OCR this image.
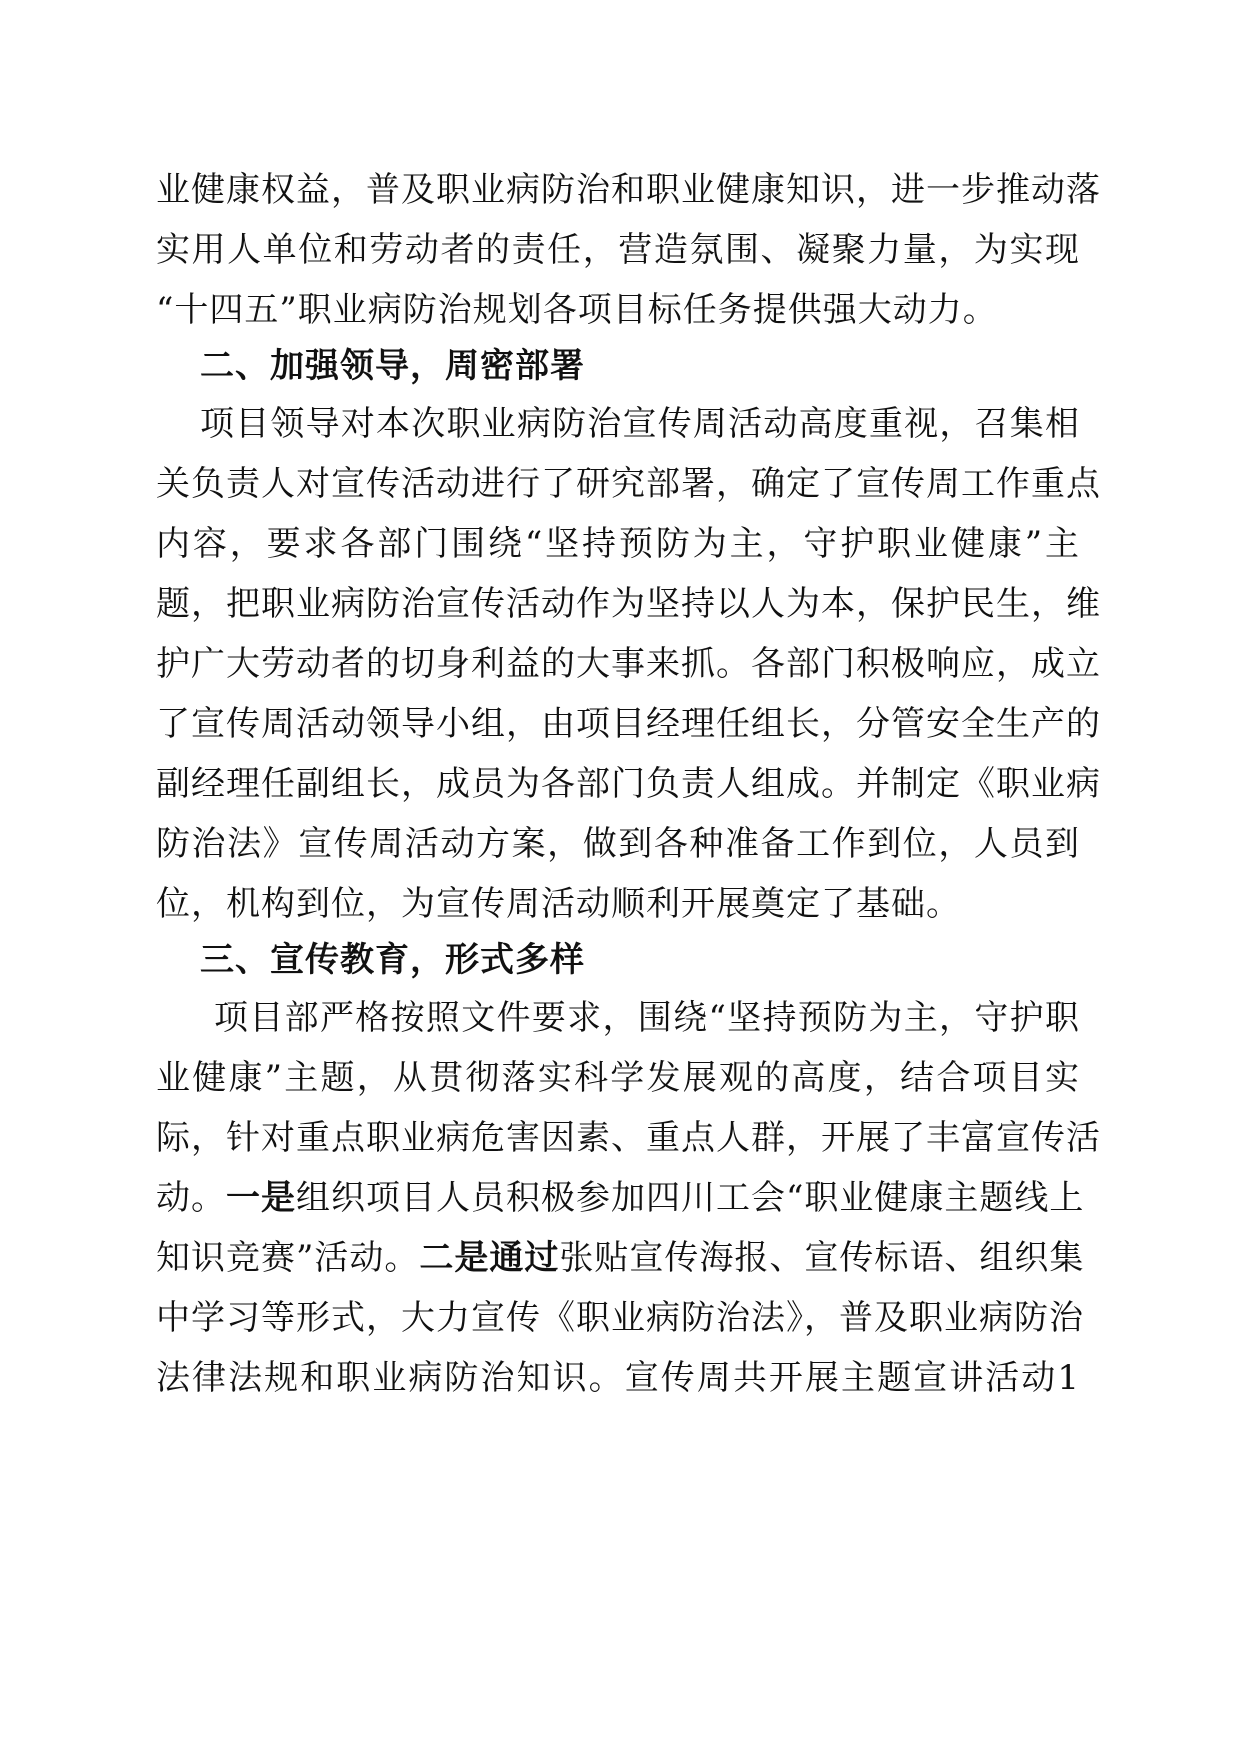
业健康权益，普及职业病防治和职业健康知识，进一步推动落
实用人单位和劳动者的责任，营造氛围、凝聚力量，为实现
“十四五”职业病防治规划各项目标任务提供强大动力。
二、加强领导，周密部署
项目领导对本次职业病防治宣传周活动高度重视，召集相
关负责人对宣传活动进行了研究部署，确定了宣传周工作重点
内容，要求各部门围绕“坚持预防为主，守护职业健康”主
题，把职业病防治宣传活动作为坚持以人为本，保护民生，维
护广大劳动者的切身利益的大事来抓。各部门积极响应，成立
了宣传周活动领导小组，由项目经理任组长，分管安全生产的
副经理任副组长，成员为各部门负责人组成。并制定《职业病
防治法》宣传周活动方案，做到各种准备工作到位，人员到
位，机构到位，为宣传周活动顺利开展奠定了基础。
三、宣传教育，形式多样
项目部严格按照文件要求，围绕“坚持预防为主，守护职
业健康”主题，从贯彻落实科学发展观的高度，结合项目实
际，针对重点职业病危害因素、重点人群，开展了丰富宣传活
动。一是组织项目人员积极参加四川工会“职业健康主题线上
知识竞赛”活动。二是通过张贴宣传海报、宣传标语、组织集
中学习等形式，大力宣传《职业病防治法》，普及职业病防治
法律法规和职业病防治知识。宣传周共开展主题宣讲活动1
